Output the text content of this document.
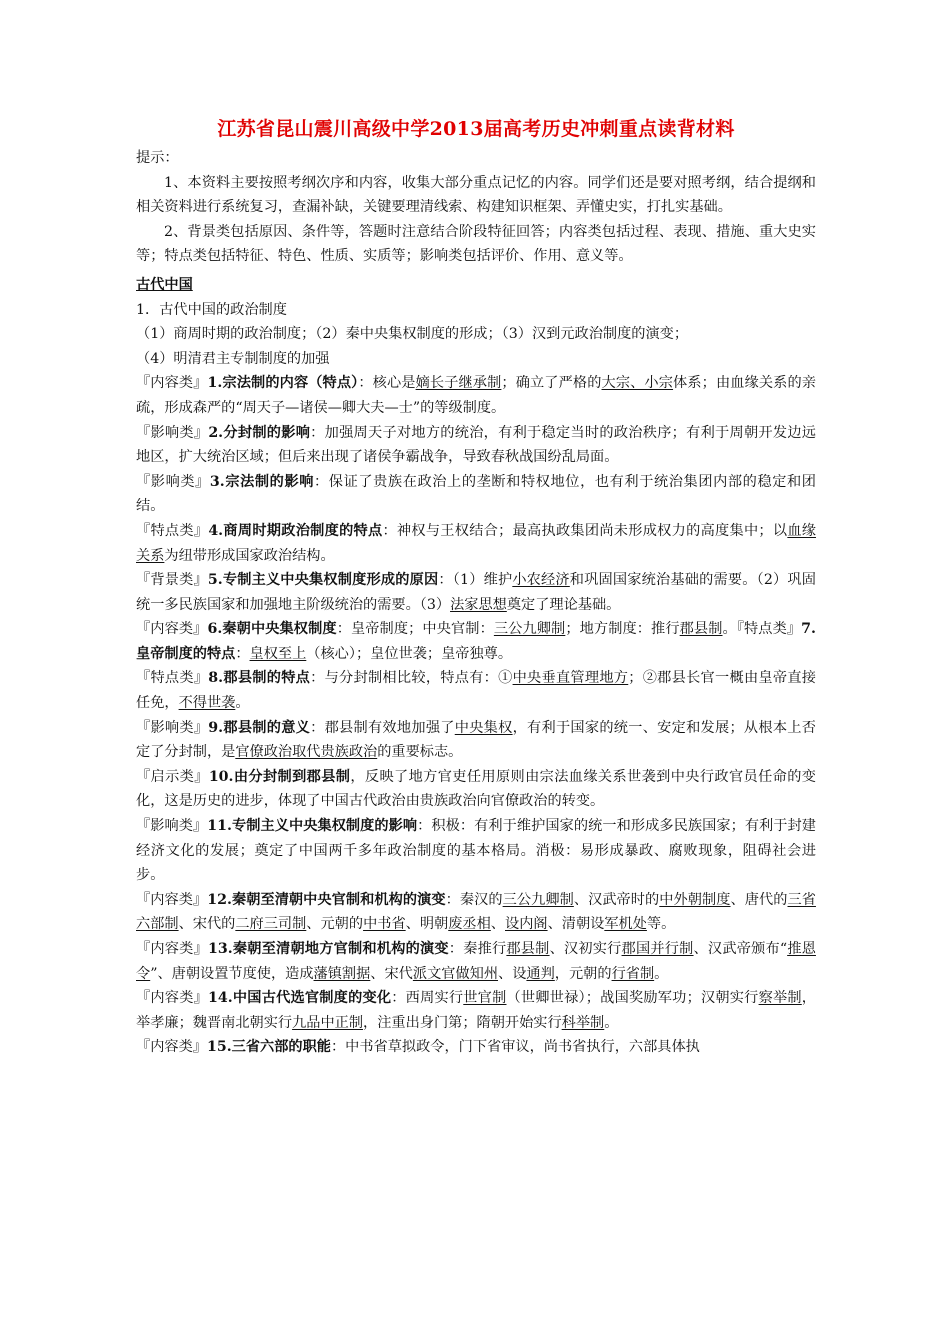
江苏省昆山震川高级中学2013届高考历史冲刺重点读背材料

提示：

1、本资料主要按照考纲次序和内容，收集大部分重点记忆的内容。同学们还是要对照考纲，结合提纲和相关资料进行系统复习，查漏补缺，关键要理清线索、构建知识框架、弄懂史实，打扎实基础。

2、背景类包括原因、条件等，答题时注意结合阶段特征回答；内容类包括过程、表现、措施、重大史实等；特点类包括特征、特色、性质、实质等；影响类包括评价、作用、意义等。

古代中国

1．古代中国的政治制度

（1）商周时期的政治制度；（2）秦中央集权制度的形成；（3）汉到元政治制度的演变；

（4）明清君主专制制度的加强

『内容类』1.宗法制的内容（特点）：核心是嫡长子继承制；确立了严格的大宗、小宗体系；由血缘关系的亲疏，形成森严的“周天子—诸侯—卿大夫—士”的等级制度。

『影响类』2.分封制的影响：加强周天子对地方的统治，有利于稳定当时的政治秩序；有利于周朝开发边远地区，扩大统治区域；但后来出现了诸侯争霸战争，导致春秋战国纷乱局面。

『影响类』3.宗法制的影响：保证了贵族在政治上的垄断和特权地位，也有利于统治集团内部的稳定和团结。

『特点类』4.商周时期政治制度的特点：神权与王权结合；最高执政集团尚未形成权力的高度集中；以血缘关系为纽带形成国家政治结构。

『背景类』5.专制主义中央集权制度形成的原因：（1）维护小农经济和巩固国家统治基础的需要。（2）巩固统一多民族国家和加强地主阶级统治的需要。（3）法家思想奠定了理论基础。

『内容类』6.秦朝中央集权制度：皇帝制度；中央官制：三公九卿制；地方制度：推行郡县制。『特点类』7.皇帝制度的特点：皇权至上（核心）；皇位世袭；皇帝独尊。

『特点类』8.郡县制的特点：与分封制相比较，特点有：①中央垂直管理地方；②郡县长官一概由皇帝直接任免，不得世袭。

『影响类』9.郡县制的意义：郡县制有效地加强了中央集权，有利于国家的统一、安定和发展；从根本上否定了分封制，是官僚政治取代贵族政治的重要标志。

『启示类』10.由分封制到郡县制，反映了地方官吏任用原则由宗法血缘关系世袭到中央行政官员任命的变化，这是历史的进步，体现了中国古代政治由贵族政治向官僚政治的转变。

『影响类』11.专制主义中央集权制度的影响：积极：有利于维护国家的统一和形成多民族国家；有利于封建经济文化的发展；奠定了中国两千多年政治制度的基本格局。消极：易形成暴政、腐败现象，阻碍社会进步。

『内容类』12.秦朝至清朝中央官制和机构的演变：秦汉的三公九卿制、汉武帝时的中外朝制度、唐代的三省六部制、宋代的二府三司制、元朝的中书省、明朝废丞相、设内阁、清朝设军机处等。

『内容类』13.秦朝至清朝地方官制和机构的演变：秦推行郡县制、汉初实行郡国并行制、汉武帝颁布“推恩令”、唐朝设置节度使，造成藩镇割据、宋代派文官做知州、设通判，元朝的行省制。

『内容类』14.中国古代选官制度的变化：西周实行世官制（世卿世禄）；战国奖励军功；汉朝实行察举制，举孝廉；魏晋南北朝实行九品中正制，注重出身门第；隋朝开始实行科举制。

『内容类』15.三省六部的职能：中书省草拟政令，门下省审议，尚书省执行，六部具体执
